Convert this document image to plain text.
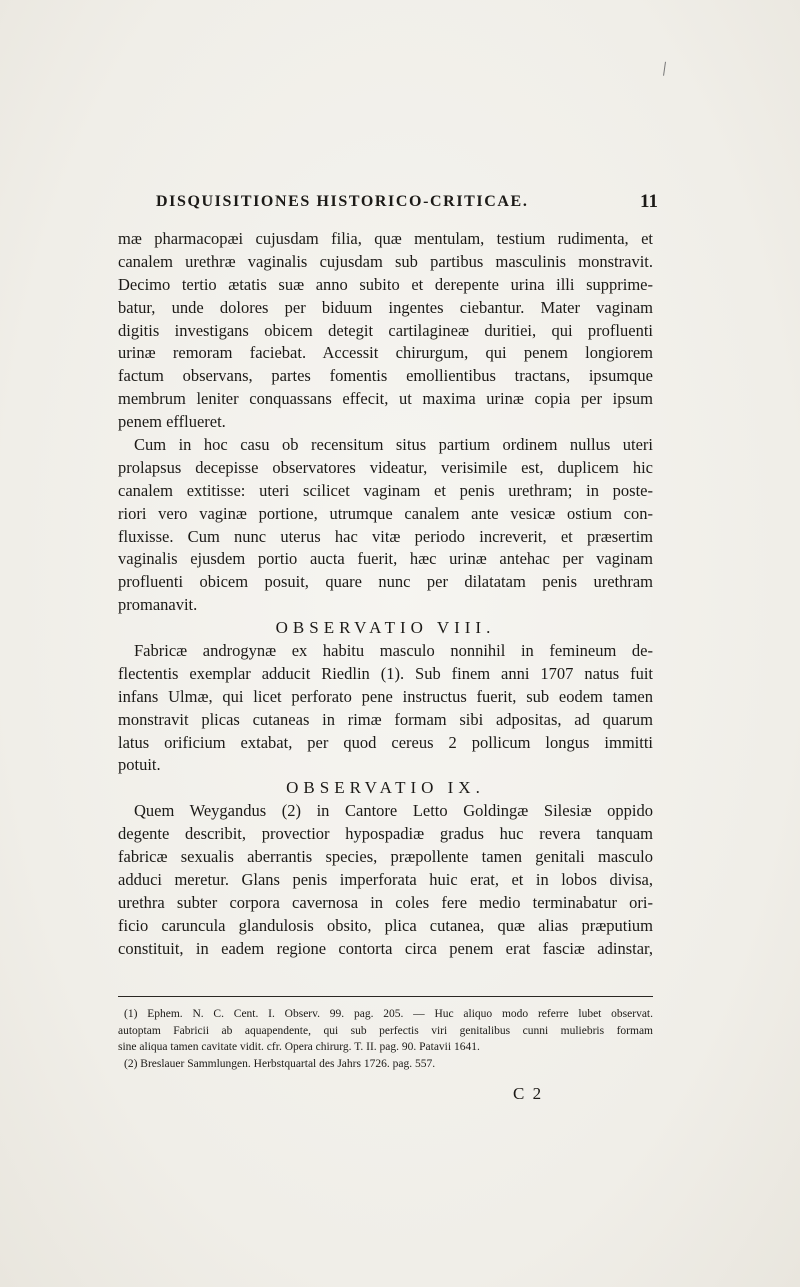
DISQUISITIONES HISTORICO-CRITICAE.	11
mæ pharmacopæi cujusdam filia, quæ mentulam, testium rudimenta, et
canalem urethræ vaginalis cujusdam sub partibus masculinis monstravit.
Decimo tertio ætatis suæ anno subito et derepente urina illi supprime-
batur, unde dolores per biduum ingentes ciebantur. Mater vaginam
digitis investigans obicem detegit cartilagineæ duritiei, qui profluenti
urinæ remoram faciebat. Accessit chirurgum, qui penem longiorem
factum observans, partes fomentis emollientibus tractans, ipsumque
membrum leniter conquassans effecit, ut maxima urinæ copia per ipsum
penem efflueret.
Cum in hoc casu ob recensitum situs partium ordinem nullus uteri
prolapsus decepisse observatores videatur, verisimile est, duplicem hic
canalem extitisse: uteri scilicet vaginam et penis urethram; in poste-
riori vero vaginæ portione, utrumque canalem ante vesicæ ostium con-
fluxisse. Cum nunc uterus hac vitæ periodo increverit, et præsertim
vaginalis ejusdem portio aucta fuerit, hæc urinæ antehac per vaginam
profluenti obicem posuit, quare nunc per dilatatam penis urethram
promanavit.
OBSERVATIO VIII.
Fabricæ androgynæ ex habitu masculo nonnihil in femineum de-
flectentis exemplar adducit Riedlin (1). Sub finem anni 1707 natus fuit
infans Ulmæ, qui licet perforato pene instructus fuerit, sub eodem tamen
monstravit plicas cutaneas in rimæ formam sibi adpositas, ad quarum
latus orificium extabat, per quod cereus 2 pollicum longus immitti
potuit.
OBSERVATIO IX.
Quem Weygandus (2) in Cantore Letto Goldingæ Silesiæ oppido
degente describit, provectior hypospadiæ gradus huc revera tanquam
fabricæ sexualis aberrantis species, præpollente tamen genitali masculo
adduci meretur. Glans penis imperforata huic erat, et in lobos divisa,
urethra subter corpora cavernosa in coles fere medio terminabatur ori-
ficio caruncula glandulosis obsito, plica cutanea, quæ alias præputium
constituit, in eadem regione contorta circa penem erat fasciæ adinstar,
(1) Ephem. N. C. Cent. I. Observ. 99. pag. 205. — Huc aliquo modo referre lubet observat.
autoptam Fabricii ab aquapendente, qui sub perfectis viri genitalibus cunni muliebris formam
sine aliqua tamen cavitate vidit. cfr. Opera chirurg. T. II. pag. 90. Patavii 1641.
(2) Breslauer Sammlungen. Herbstquartal des Jahrs 1726. pag. 557.
C 2
